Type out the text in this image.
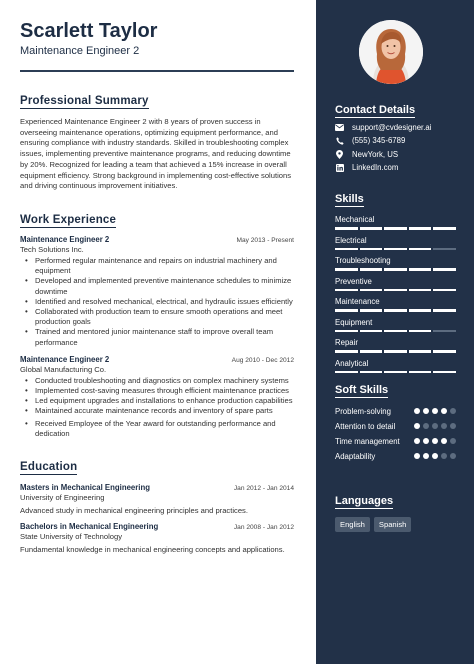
Scarlett Taylor
Maintenance Engineer 2
Professional Summary

Experienced Maintenance Engineer 2 with 8 years of proven success in overseeing maintenance operations, optimizing equipment performance, and ensuring compliance with industry standards. Skilled in troubleshooting complex issues, implementing preventive maintenance programs, and reducing downtime by 20%. Recognized for leading a team that achieved a 15% increase in overall equipment efficiency. Strong background in implementing cost-effective solutions and driving continuous improvement initiatives.

Work Experience
Maintenance Engineer 2	May 2013 - Present
Tech Solutions Inc.
• Performed regular maintenance and repairs on industrial machinery and equipment
• Developed and implemented preventive maintenance schedules to minimize downtime
• Identified and resolved mechanical, electrical, and hydraulic issues efficiently
• Collaborated with production team to ensure smooth operations and meet production goals
• Trained and mentored junior maintenance staff to improve overall team performance
Maintenance Engineer 2	Aug 2010 - Dec 2012
Global Manufacturing Co.
• Conducted troubleshooting and diagnostics on complex machinery systems
• Implemented cost-saving measures through efficient maintenance practices
• Led equipment upgrades and installations to enhance production capabilities
• Maintained accurate maintenance records and inventory of spare parts
• Received Employee of the Year award for outstanding performance and dedication
Education
Masters in Mechanical Engineering	Jan 2012 - Jan 2014
University of Engineering
Advanced study in mechanical engineering principles and practices.
Bachelors in Mechanical Engineering	Jan 2008 - Jan 2012
State University of Technology
Fundamental knowledge in mechanical engineering concepts and applications.
Contact Details
support@cvdesigner.ai
(555) 345-6789
NewYork, US
LinkedIn.com
Skills
Mechanical
Electrical
Troubleshooting
Preventive
Maintenance
Equipment
Repair
Analytical
Soft Skills
Problem-solving
Attention to detail
Time management
Adaptability
Languages
English	Spanish
